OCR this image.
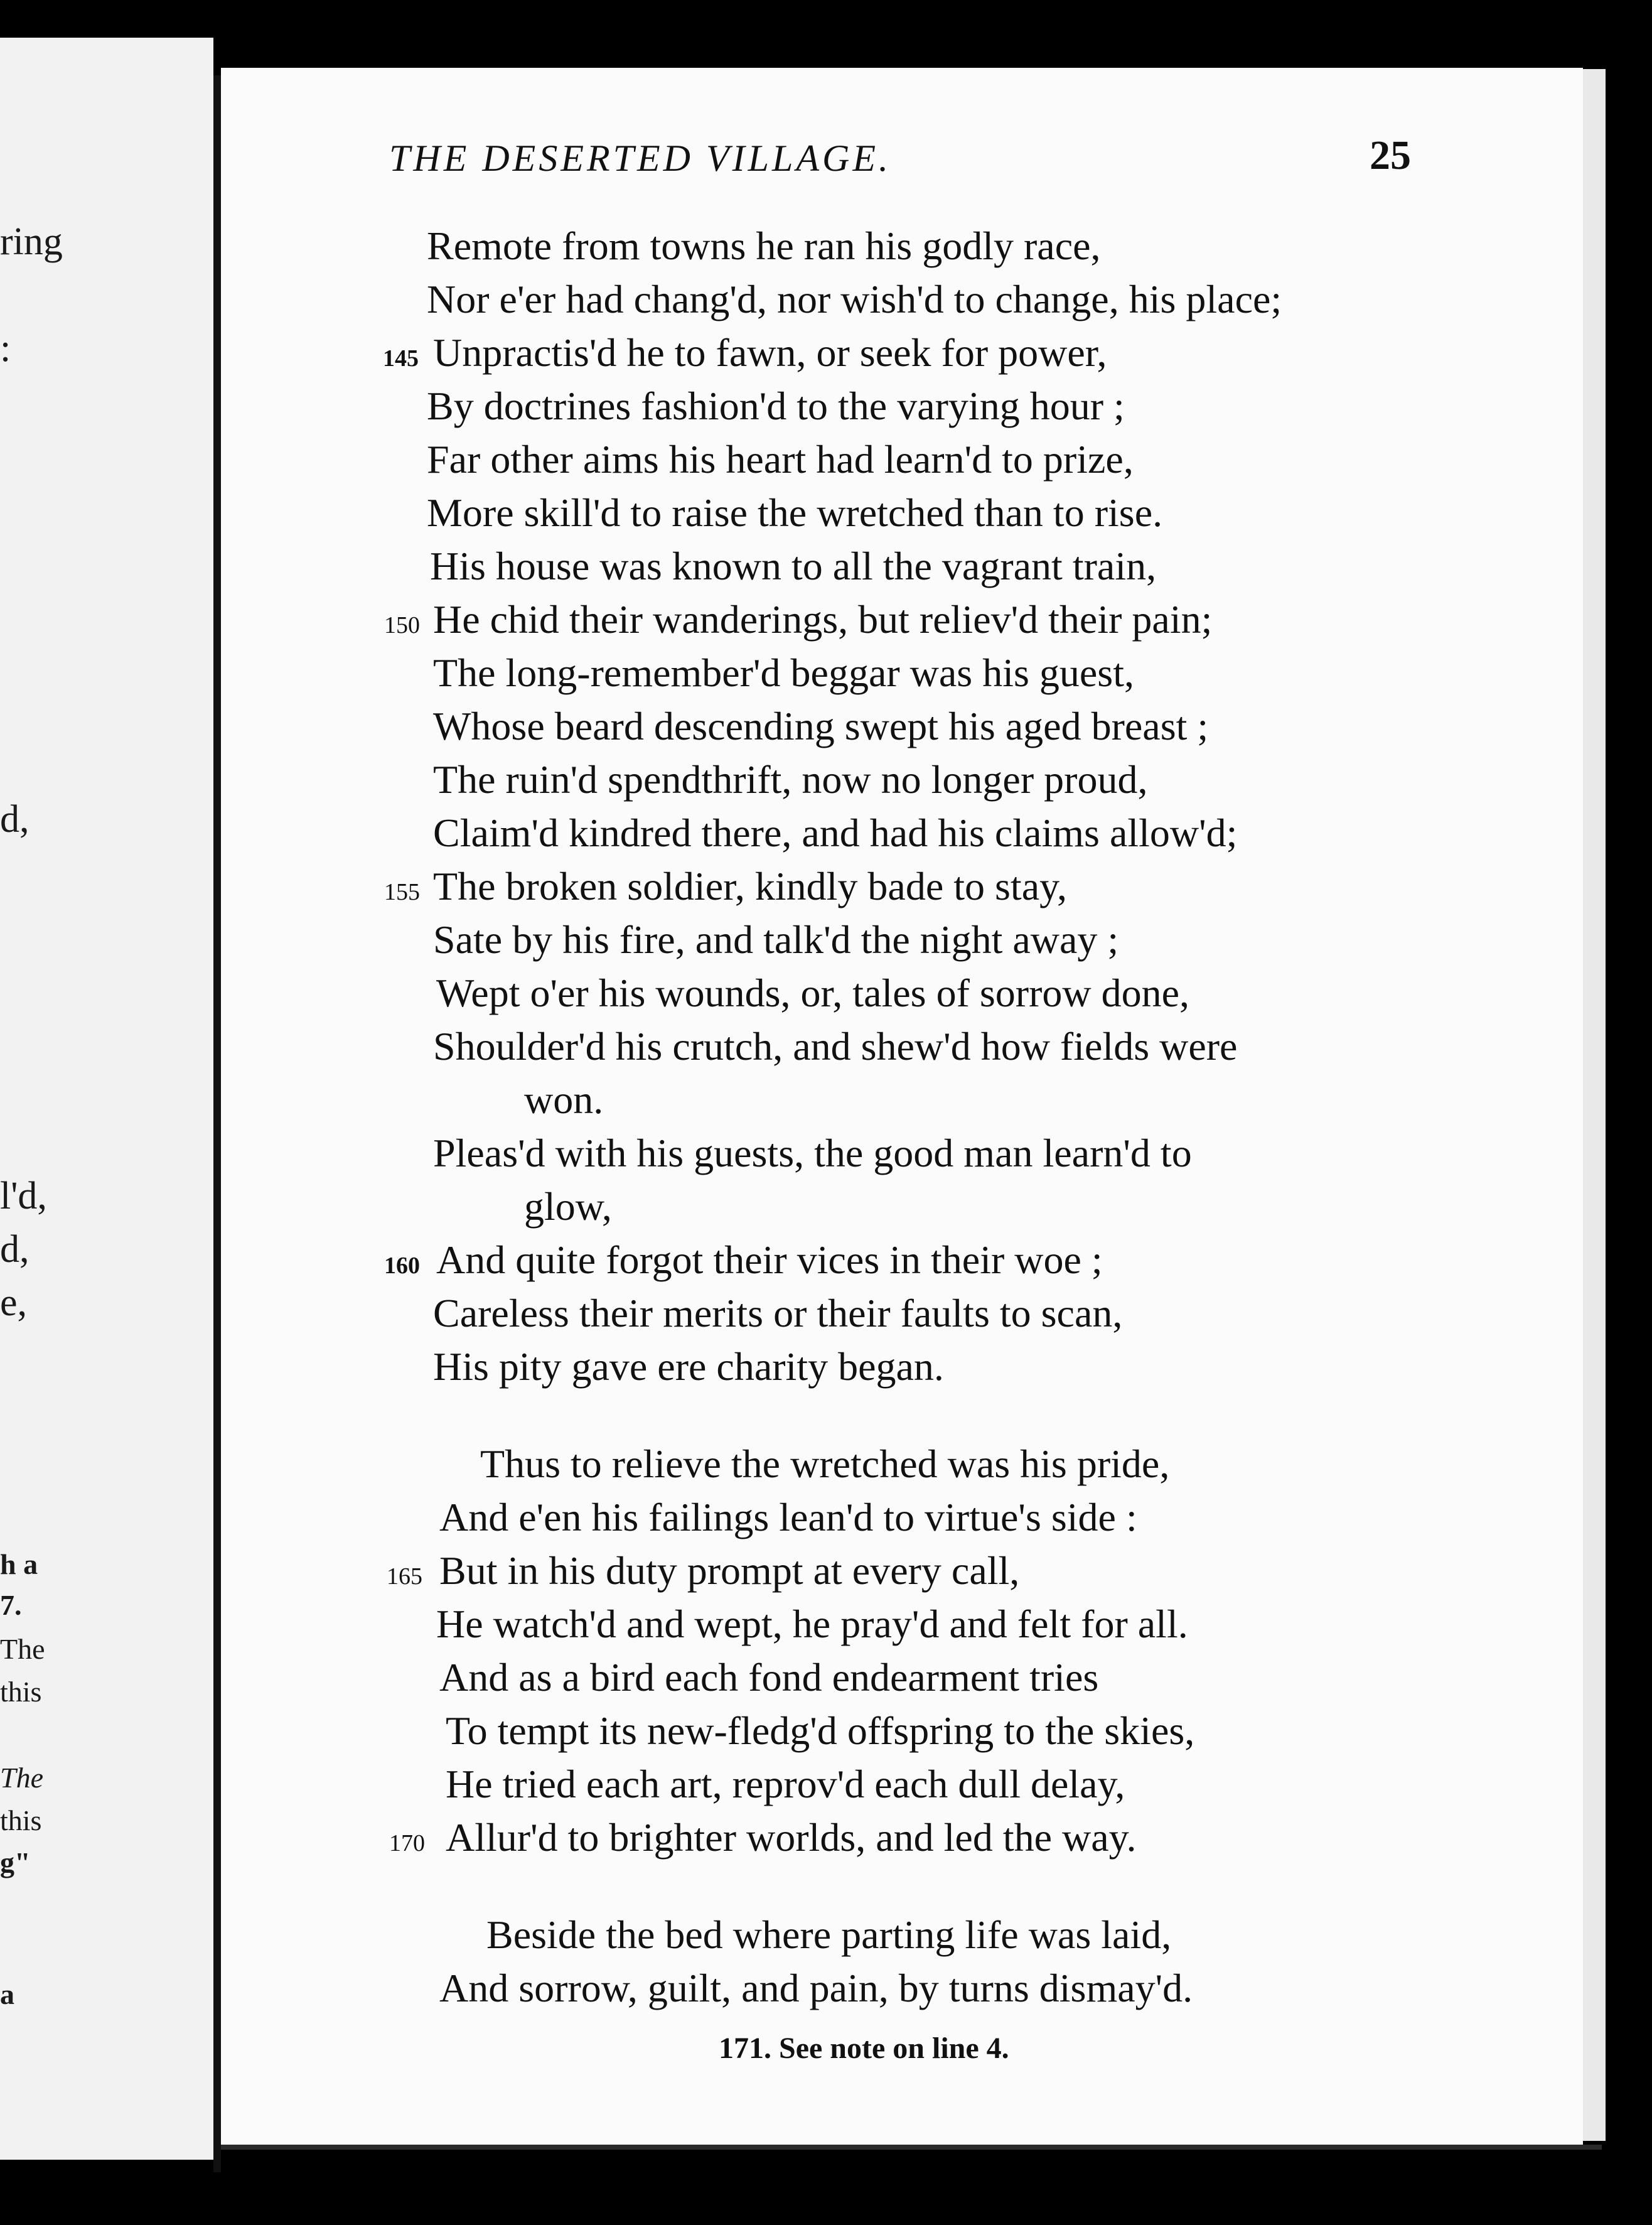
ring
:
d,
l'd,
d,
e,
h a
7.
The
this
The
this
g"
a
THE DESERTED VILLAGE.	25
Remote from towns he ran his godly race,
Nor e'er had chang'd, nor wish'd to change, his place;
Unpractis'd he to fawn, or seek for power,
By doctrines fashion'd to the varying hour ;
Far other aims his heart had learn'd to prize,
More skill'd to raise the wretched than to rise.
His house was known to all the vagrant train,
He chid their wanderings, but reliev'd their pain;
The long-remember'd beggar was his guest,
Whose beard descending swept his aged breast ;
The ruin'd spendthrift, now no longer proud,
Claim'd kindred there, and had his claims allow'd;
The broken soldier, kindly bade to stay,
Sate by his fire, and talk'd the night away ;
Wept o'er his wounds, or, tales of sorrow done,
Shoulder'd his crutch, and shew'd how fields were
won.
Pleas'd with his guests, the good man learn'd to
glow,
And quite forgot their vices in their woe ;
Careless their merits or their faults to scan,
His pity gave ere charity began.
Thus to relieve the wretched was his pride,
And e'en his failings lean'd to virtue's side :
But in his duty prompt at every call,
He watch'd and wept, he pray'd and felt for all.
And as a bird each fond endearment tries
To tempt its new-fledg'd offspring to the skies,
He tried each art, reprov'd each dull delay,
Allur'd to brighter worlds, and led the way.
Beside the bed where parting life was laid,
And sorrow, guilt, and pain, by turns dismay'd.
145
150
155
160
165
170
171. See note on line 4.
